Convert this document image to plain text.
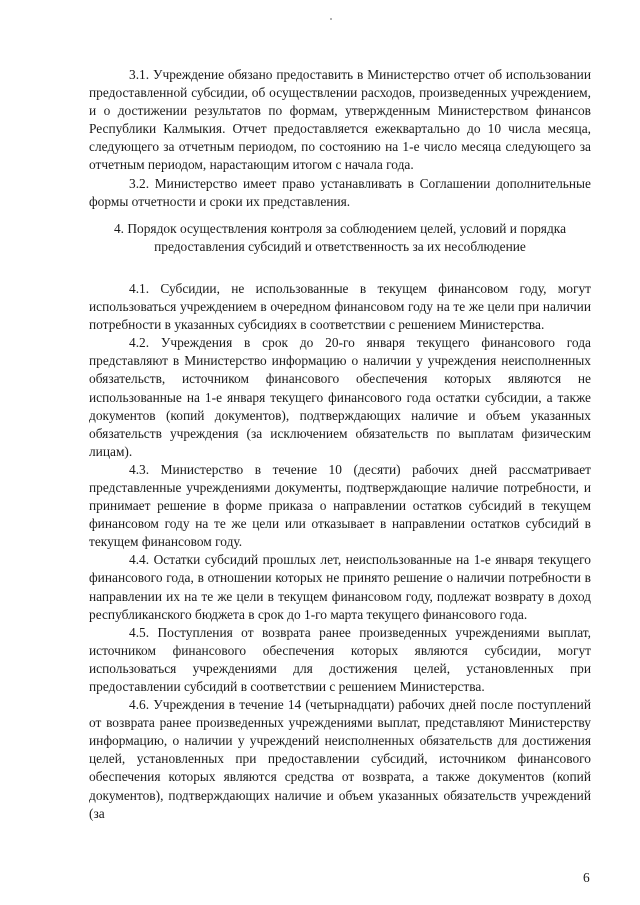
3.1. Учреждение обязано предоставить в Министерство отчет об использовании предоставленной субсидии, об осуществлении расходов, произведенных учреждением, и о достижении результатов по формам, утвержденным Министерством финансов Республики Калмыкия. Отчет предоставляется ежеквартально до 10 числа месяца, следующего за отчетным периодом, по состоянию на 1-е число месяца следующего за отчетным периодом, нарастающим итогом с начала года.

3.2. Министерство имеет право устанавливать в Соглашении дополнительные формы отчетности и сроки их представления.

4. Порядок осуществления контроля за соблюдением целей, условий и порядка предоставления субсидий и ответственность за их несоблюдение

4.1. Субсидии, не использованные в текущем финансовом году, могут использоваться учреждением в очередном финансовом году на те же цели при наличии потребности в указанных субсидиях в соответствии с решением Министерства.

4.2. Учреждения в срок до 20-го января текущего финансового года представляют в Министерство информацию о наличии у учреждения неисполненных обязательств, источником финансового обеспечения которых являются не использованные на 1-е января текущего финансового года остатки субсидии, а также документов (копий документов), подтверждающих наличие и объем указанных обязательств учреждения (за исключением обязательств по выплатам физическим лицам).

4.3. Министерство в течение 10 (десяти) рабочих дней рассматривает представленные учреждениями документы, подтверждающие наличие потребности, и принимает решение в форме приказа о направлении остатков субсидий в текущем финансовом году на те же цели или отказывает в направлении остатков субсидий в текущем финансовом году.

4.4. Остатки субсидий прошлых лет, неиспользованные на 1-е января текущего финансового года, в отношении которых не принято решение о наличии потребности в направлении их на те же цели в текущем финансовом году, подлежат возврату в доход республиканского бюджета в срок до 1-го марта текущего финансового года.

4.5. Поступления от возврата ранее произведенных учреждениями выплат, источником финансового обеспечения которых являются субсидии, могут использоваться учреждениями для достижения целей, установленных при предоставлении субсидий в соответствии с решением Министерства.

4.6. Учреждения в течение 14 (четырнадцати) рабочих дней после поступлений от возврата ранее произведенных учреждениями выплат, представляют Министерству информацию, о наличии у учреждений неисполненных обязательств для достижения целей, установленных при предоставлении субсидий, источником финансового обеспечения которых являются средства от возврата, а также документов (копий документов), подтверждающих наличие и объем указанных обязательств учреждений (за

6
